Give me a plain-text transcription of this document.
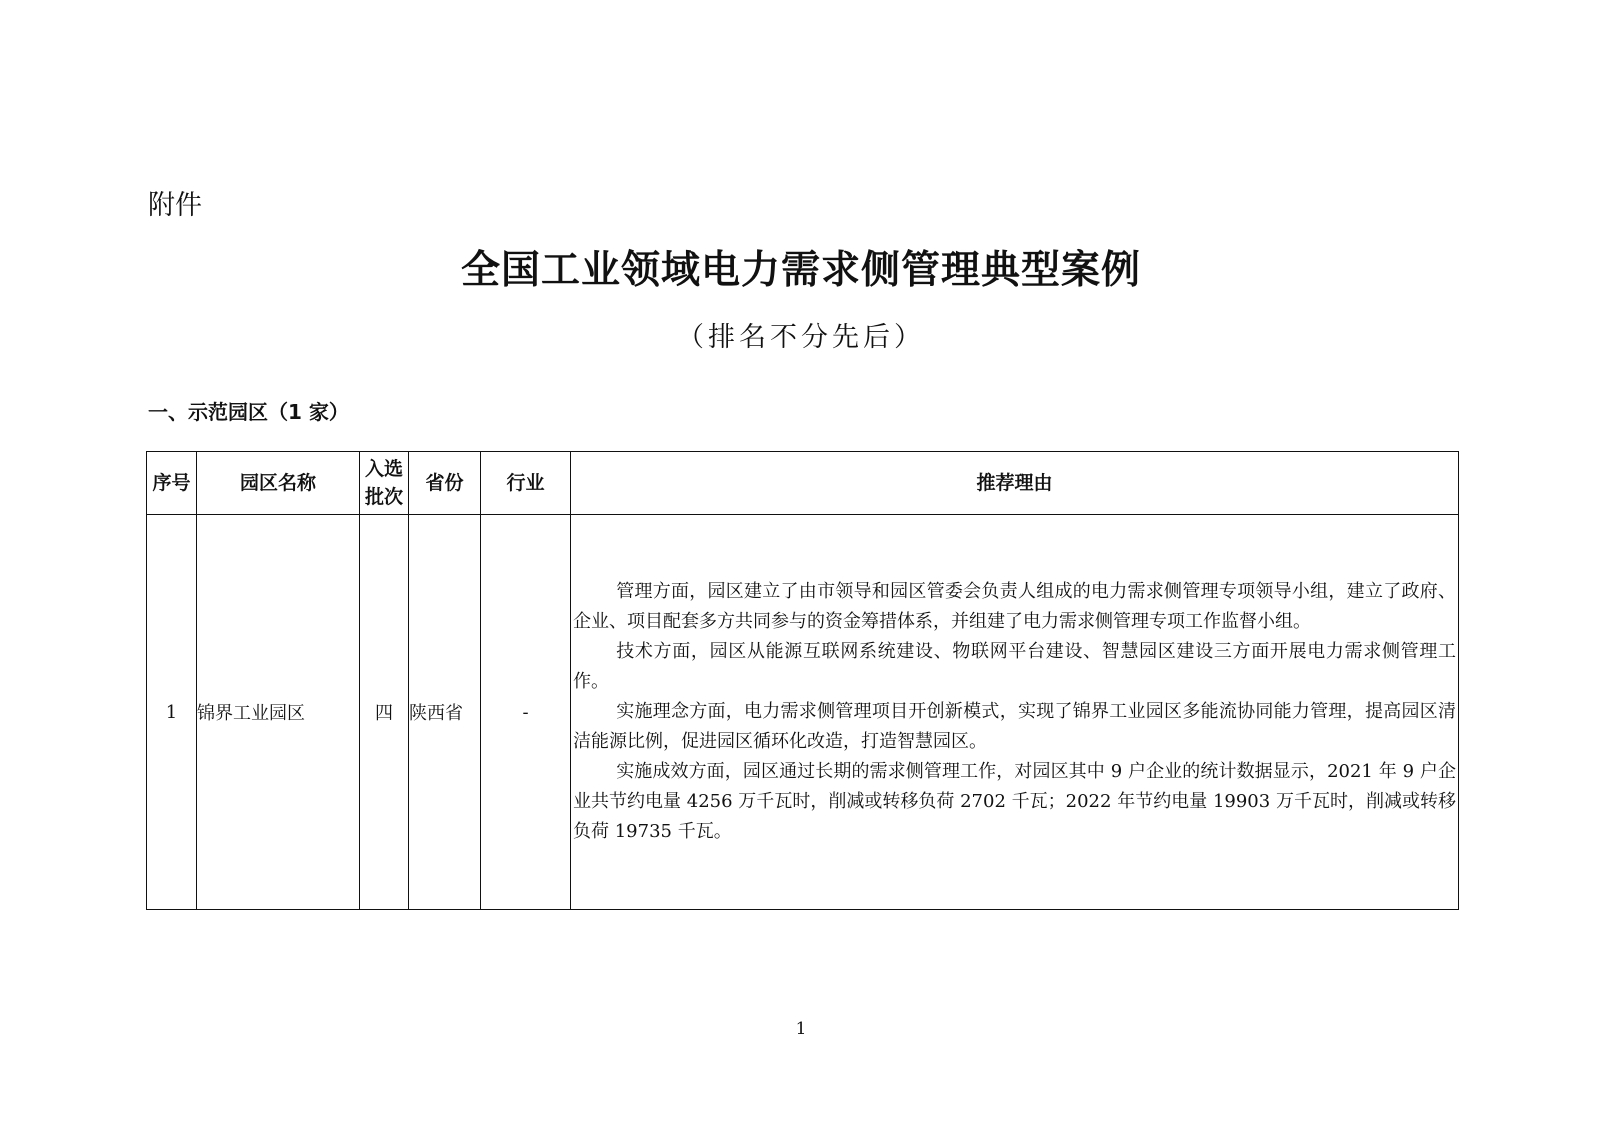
附件
全国工业领域电力需求侧管理典型案例
（排名不分先后）
一、示范园区（1 家）
序号	园区名称	入选批次	省份	行业	推荐理由
1	锦界工业园区	四	陕西省	-	管理方面，园区建立了由市领导和园区管委会负责人组成的电力需求侧管理专项领导小组，建立了政府、企业、项目配套多方共同参与的资金筹措体系，并组建了电力需求侧管理专项工作监督小组。

技术方面，园区从能源互联网系统建设、物联网平台建设、智慧园区建设三方面开展电力需求侧管理工作。

实施理念方面，电力需求侧管理项目开创新模式，实现了锦界工业园区多能流协同能力管理，提高园区清洁能源比例，促进园区循环化改造，打造智慧园区。

实施成效方面，园区通过长期的需求侧管理工作，对园区其中 9 户企业的统计数据显示，2021 年 9 户企业共节约电量 4256 万千瓦时，削减或转移负荷 2702 千瓦；2022 年节约电量 19903 万千瓦时，削减或转移负荷 19735 千瓦。

1
